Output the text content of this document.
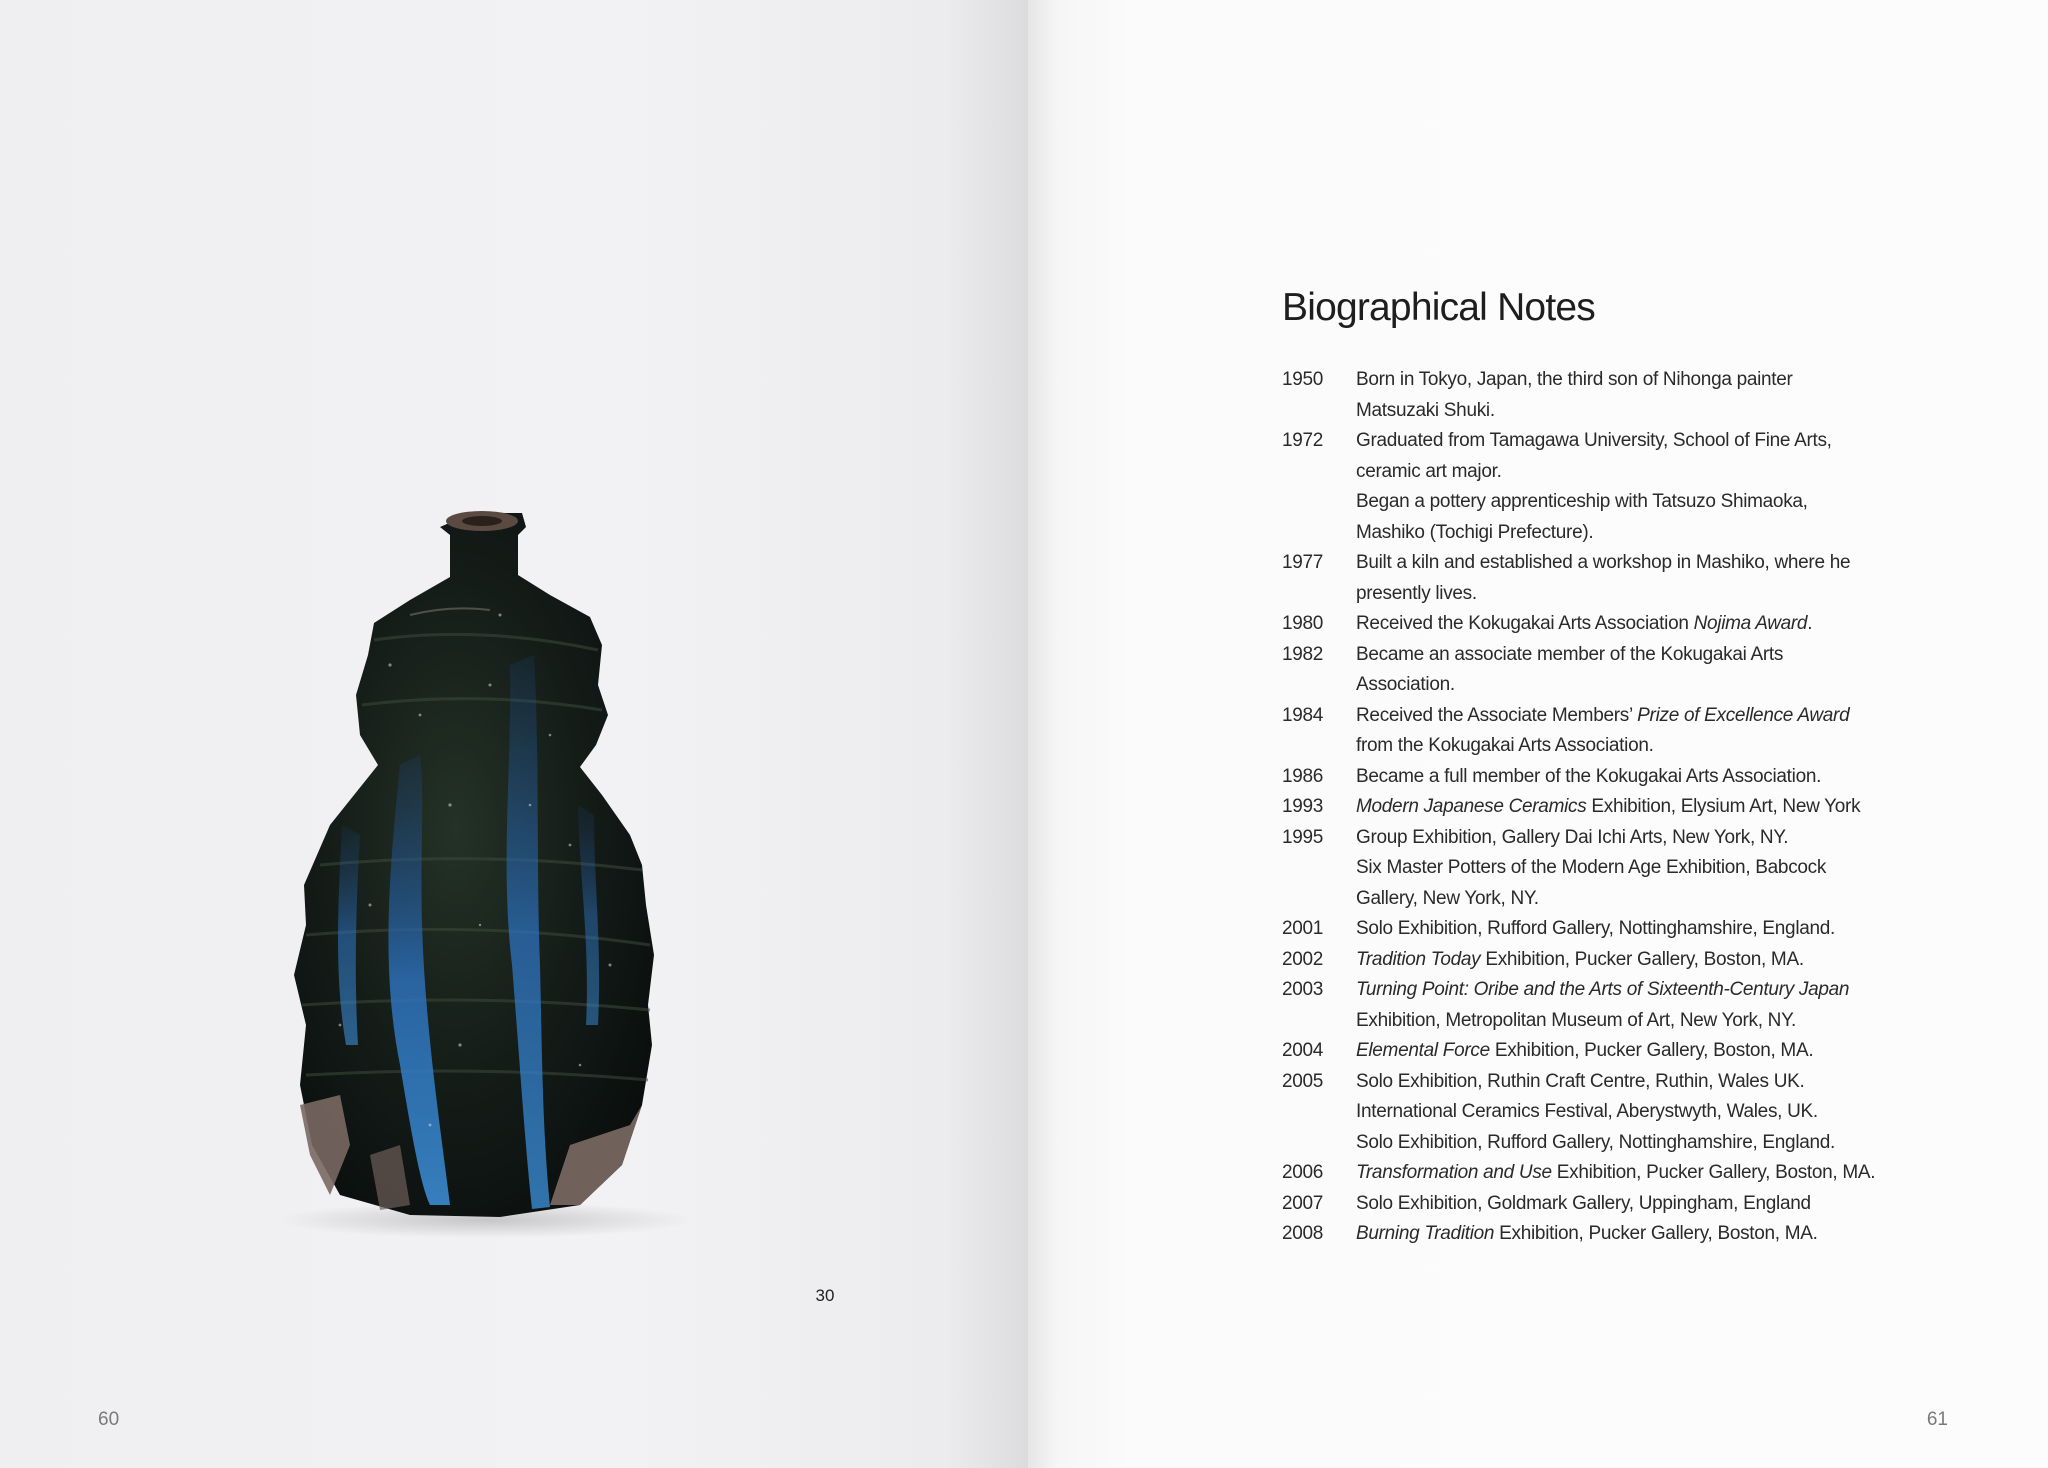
30
60
Biographical Notes
1950	Born in Tokyo, Japan, the third son of Nihonga painter
Matsuzaki Shuki.
1972	Graduated from Tamagawa University, School of Fine Arts,
ceramic art major.
Began a pottery apprenticeship with Tatsuzo Shimaoka,
Mashiko (Tochigi Prefecture).
1977	Built a kiln and established a workshop in Mashiko, where he
presently lives.
1980	Received the Kokugakai Arts Association Nojima Award.
1982	Became an associate member of the Kokugakai Arts
Association.
1984	Received the Associate Members’ Prize of Excellence Award
from the Kokugakai Arts Association.
1986	Became a full member of the Kokugakai Arts Association.
1993	Modern Japanese Ceramics Exhibition, Elysium Art, New York
1995	Group Exhibition, Gallery Dai Ichi Arts, New York, NY.
Six Master Potters of the Modern Age Exhibition, Babcock
Gallery, New York, NY.
2001	Solo Exhibition, Rufford Gallery, Nottinghamshire, England.
2002	Tradition Today Exhibition, Pucker Gallery, Boston, MA.
2003	Turning Point: Oribe and the Arts of Sixteenth-Century Japan
Exhibition, Metropolitan Museum of Art, New York, NY.
2004	Elemental Force Exhibition, Pucker Gallery, Boston, MA.
2005	Solo Exhibition, Ruthin Craft Centre, Ruthin, Wales UK.
International Ceramics Festival, Aberystwyth, Wales, UK.
Solo Exhibition, Rufford Gallery, Nottinghamshire, England.
2006	Transformation and Use Exhibition, Pucker Gallery, Boston, MA.
2007	Solo Exhibition, Goldmark Gallery, Uppingham, England
2008	Burning Tradition Exhibition, Pucker Gallery, Boston, MA.
61
